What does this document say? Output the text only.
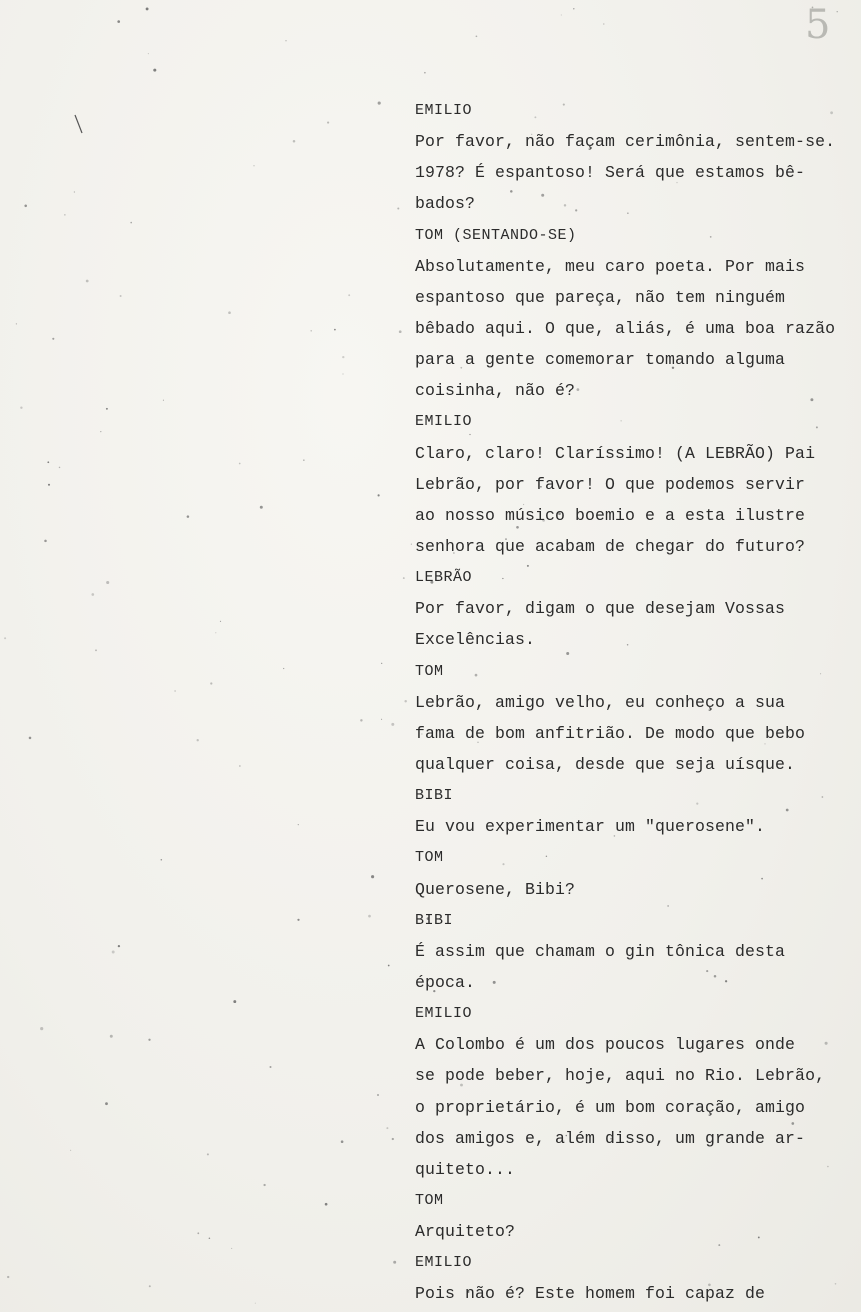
5
EMILIO
Por favor, não façam cerimônia, sentem-se.
1978? É espantoso! Será que estamos bê-
bados?
TOM (SENTANDO-SE)
Absolutamente, meu caro poeta. Por mais
espantoso que pareça, não tem ninguém
bêbado aqui. O que, aliás, é uma boa razão
para a gente comemorar tomando alguma
coisinha, não é?
EMILIO
Claro, claro! Claríssimo! (A LEBRÃO) Pai
Lebrão, por favor! O que podemos servir
ao nosso músico boemio e a esta ilustre
senhora que acabam de chegar do futuro?
LEBRÃO
Por favor, digam o que desejam Vossas
Excelências.
TOM
Lebrão, amigo velho, eu conheço a sua
fama de bom anfitrião. De modo que bebo
qualquer coisa, desde que seja uísque.
BIBI
Eu vou experimentar um "querosene".
TOM
Querosene, Bibi?
BIBI
É assim que chamam o gin tônica desta
época.
EMILIO
A Colombo é um dos poucos lugares onde
se pode beber, hoje, aqui no Rio. Lebrão,
o proprietário, é um bom coração, amigo
dos amigos e, além disso, um grande ar-
quiteto...
TOM
Arquiteto?
EMILIO
Pois não é? Este homem foi capaz de
